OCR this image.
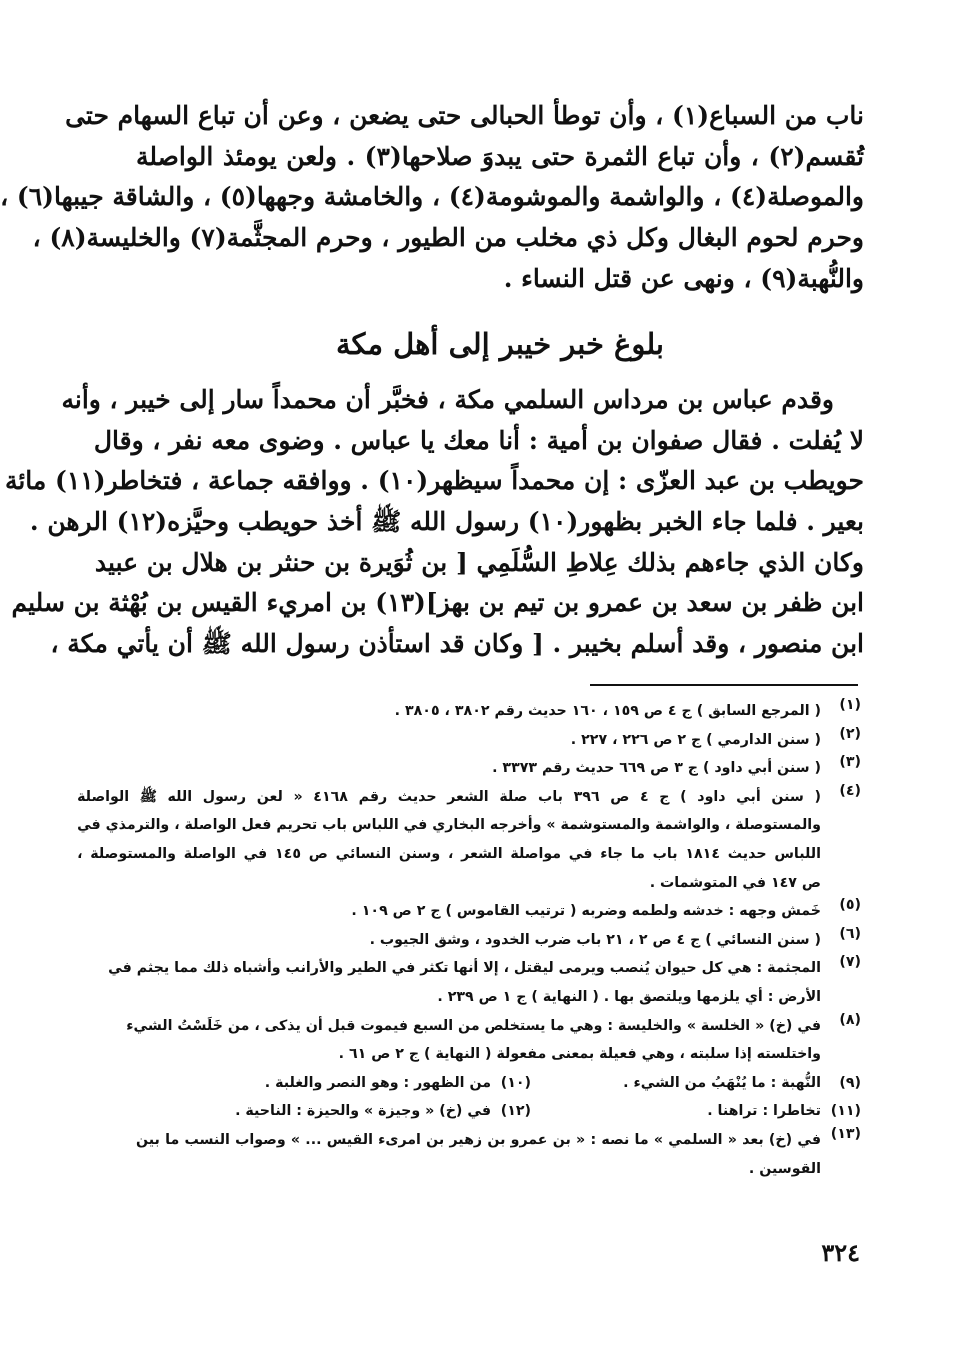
ناب من السباع(١) ، وأن توطأ الحبالى حتى يضعن ، وعن أن تباع السهام حتى
تُقسم(٢) ، وأن تباع الثمرة حتى يبدوَ صلاحها(٣) . ولعن يومئذ الواصلة
والموصلة(٤) ، والواشمة والموشومة(٤) ، والخامشة وجهها(٥) ، والشاقة جيبها(٦) ،
وحرم لحوم البغال وكل ذي مخلب من الطيور ، وحرم المجثَّمة(٧) والخليسة(٨) ،
والنُّهبة(٩) ، ونهى عن قتل النساء .
بلوغ خبر خيبر إلى أهل مكة
وقدم عباس بن مرداس السلمي مكة ، فخبَّر أن محمداً سار إلى خيبر ، وأنه
لا يُفلت . فقال صفوان بن أمية : أنا معك يا عباس . وضوى معه نفر ، وقال
حويطب بن عبد العزّى : إن محمداً سيظهر(١٠) . ووافقه جماعة ، فتخاطر(١١) مائة
بعير . فلما جاء الخبر بظهور(١٠) رسول الله ﷺ أخذ حويطب وحيَّزه(١٢) الرهن .
وكان الذي جاءهم بذلك عِلاطِ السُّلَمِي [ بن ثُوَيرة بن حنثر بن هلال بن عبيد
ابن ظفر بن سعد بن عمرو بن تيم بن بهز](١٣) بن امريء القيس بن بُهْثة بن سليم
ابن منصور ، وقد أسلم بخيبر . [ وكان قد استأذن رسول الله ﷺ أن يأتي مكة ،
(١)
( المرجع السابق ) ج ٤ ص ١٥٩ ، ١٦٠ حديث رقم ٣٨٠٢ ، ٣٨٠٥ .
(٢)
( سنن الدارمي ) ج ٢ ص ٢٢٦ ، ٢٢٧ .
(٣)
( سنن أبي داود ) ج ٣ ص ٦٦٩ حديث رقم ٣٣٧٣ .
(٤)
( سنن أبي داود ) ج ٤ ص ٣٩٦ باب صلة الشعر حديث رقم ٤١٦٨ « لعن رسول الله ﷺ الواصلة
والمستوصلة ، والواشمة والمستوشمة » وأخرجه البخاري في اللباس باب تحريم فعل الواصلة ، والترمذي في
اللباس حديث ١٨١٤ باب ما جاء في مواصلة الشعر ، وسنن النسائي ص ١٤٥ في الواصلة والمستوصلة ،
ص ١٤٧ في المتوشمات .
(٥)
خَمش وجهه : خدشه ولطمه وضربه ( ترتيب القاموس ) ج ٢ ص ١٠٩ .
(٦)
( سنن النسائي ) ج ٤ ص ٢ ، ٢١ باب ضرب الخدود ، وشق الجيوب .
(٧)
المجثمة : هي كل حيوان يُنصب ويرمى ليقتل ، إلا أنها تكثر في الطير والأرانب وأشباه ذلك مما يجثم في
الأرض : أي يلزمها ويلتصق بها . ( النهاية ) ج ١ ص ٢٣٩ .
(٨)
في (خ) « الخلسة » والخليسة : وهي ما يستخلص من السبع فيموت قبل أن يذكى ، من خَلَسْتُ الشيء
واختلسته إذا سلبته ، وهي فعيلة بمعنى مفعولة ( النهاية ) ج ٢ ص ٦١ .
(٩)
النُّهبة : ما يُنْهَبُ من الشيء .
(١٠)
من الظهور : وهو النصر والغلبة .
(١١)
تخاطرا : تراهنا .
(١٢)
في (خ) « وجيزة » والحيزة : الناحية .
(١٣)
في (خ) بعد « السلمي » ما نصه : « بن عمرو بن زهير بن امرىء القيس ... » وصواب النسب ما بين
القوسين .
٣٢٤
